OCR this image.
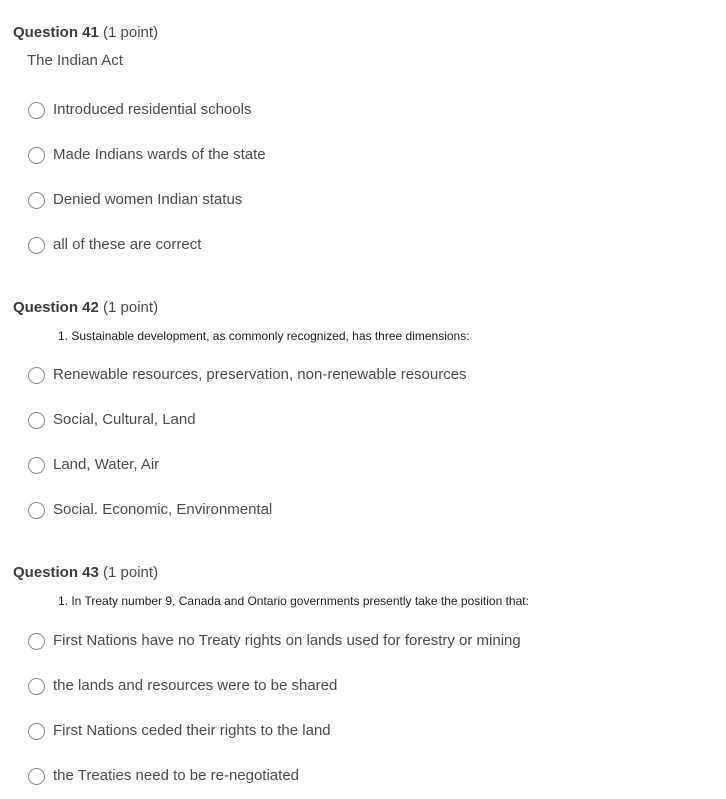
Question 41 (1 point)
The Indian Act
Introduced residential schools
Made Indians wards of the state
Denied women Indian status
all of these are correct
Question 42 (1 point)
1. Sustainable development, as commonly recognized, has three dimensions:
Renewable resources, preservation, non-renewable resources
Social, Cultural, Land
Land, Water, Air
Social. Economic, Environmental
Question 43 (1 point)
1. In Treaty number 9, Canada and Ontario governments presently take the position that:
First Nations have no Treaty rights on lands used for forestry or mining
the lands and resources were to be shared
First Nations ceded their rights to the land
the Treaties need to be re-negotiated
